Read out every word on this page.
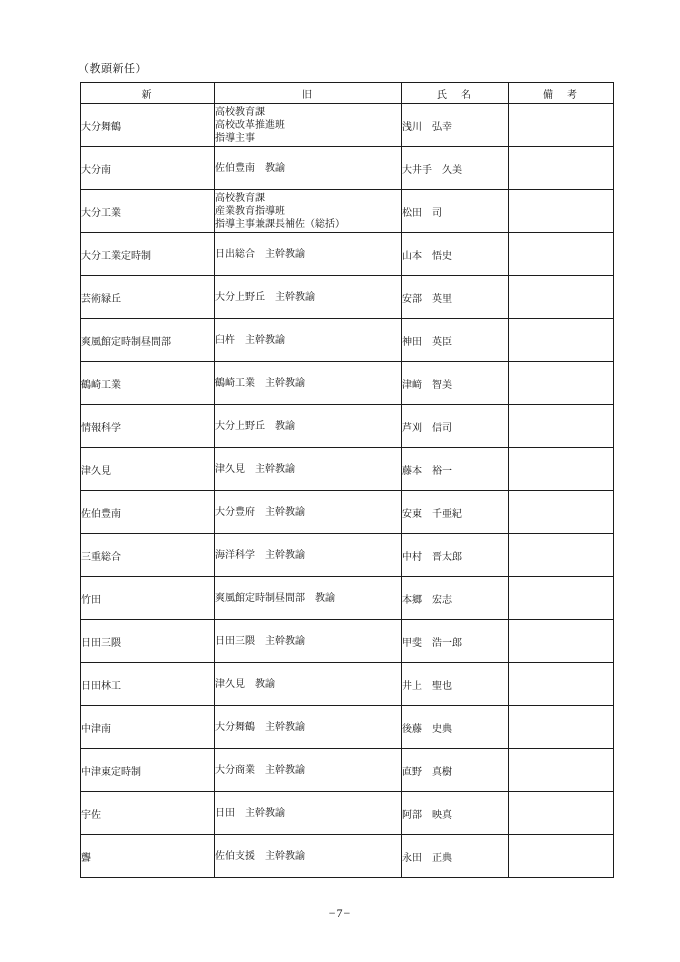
（教頭新任）
新	旧	氏　名	備　考
大分舞鶴	高校教育課
高校改革推進班
指導主事	浅川　弘幸	
大分南	佐伯豊南　教諭	大井手　久美	
大分工業	高校教育課
産業教育指導班
指導主事兼課長補佐（総括）	松田　司	
大分工業定時制	日出総合　主幹教諭	山本　悟史	
芸術緑丘	大分上野丘　主幹教諭	安部　英里	
爽風館定時制昼間部	臼杵　主幹教諭	神田　英臣	
鶴崎工業	鶴崎工業　主幹教諭	津﨑　智美	
情報科学	大分上野丘　教諭	芦刈　信司	
津久見	津久見　主幹教諭	藤本　裕一	
佐伯豊南	大分豊府　主幹教諭	安東　千亜紀	
三重総合	海洋科学　主幹教諭	中村　晋太郎	
竹田	爽風館定時制昼間部　教諭	本郷　宏志	
日田三隈	日田三隈　主幹教諭	甲斐　浩一郎	
日田林工	津久見　教諭	井上　聖也	
中津南	大分舞鶴　主幹教諭	後藤　史典	
中津東定時制	大分商業　主幹教諭	直野　真樹	
宇佐	日田　主幹教諭	阿部　映真	
聾	佐伯支援　主幹教諭	永田　正典	
−7−
